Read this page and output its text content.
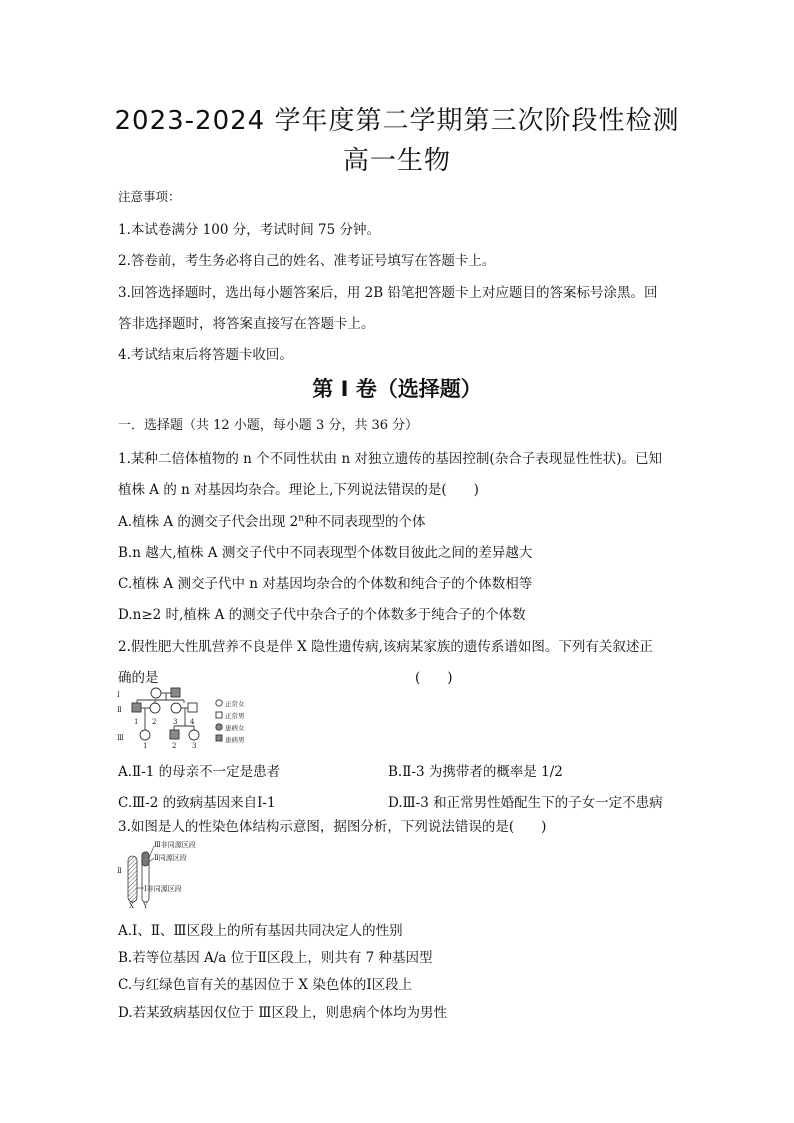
2023-2024 学年度第二学期第三次阶段性检测
高一生物
注意事项：
1.本试卷满分 100 分，考试时间 75 分钟。
2.答卷前，考生务必将自己的姓名、准考证号填写在答题卡上。
3.回答选择题时，选出每小题答案后，用 2B 铅笔把答题卡上对应题目的答案标号涂黑。回
答非选择题时，将答案直接写在答题卡上。
4.考试结束后将答题卡收回。
第 I 卷（选择题）
一．选择题（共 12 小题，每小题 3 分，共 36 分）
1.某种二倍体植物的 n 个不同性状由 n 对独立遗传的基因控制(杂合子表现显性性状)。已知
植株 A 的 n 对基因均杂合。理论上,下列说法错误的是(　　)
A.植株 A 的测交子代会出现 2$^n$种不同表现型的个体
B.n 越大,植株 A 测交子代中不同表现型个体数目彼此之间的差异越大
C.植株 A 测交子代中 n 对基因均杂合的个体数和纯合子的个体数相等
D.n≥2 时,植株 A 的测交子代中杂合子的个体数多于纯合子的个体数
2.假性肥大性肌营养不良是伴 X 隐性遗传病,该病某家族的遗传系谱如图。下列有关叙述正
确的是	(　　)
Ⅰ
Ⅱ
Ⅲ
1 2 3 4
1	2 3
正常女
正常男
患病女
患病男
A.Ⅱ-1 的母亲不一定是患者	B.Ⅱ-3 为携带者的概率是 1/2
C.Ⅲ-2 的致病基因来自Ⅰ-1	D.Ⅲ-3 和正常男性婚配生下的子女一定不患病
3.如图是人的性染色体结构示意图，据图分析，下列说法错误的是(　　)
Ⅱ
Ⅲ非同源区段
Ⅱ同源区段
Ⅰ非同源区段
X Y
A.Ⅰ、Ⅱ、Ⅲ区段上的所有基因共同决定人的性别
B.若等位基因 A/a 位于Ⅱ区段上，则共有 7 种基因型
C.与红绿色盲有关的基因位于 X 染色体的Ⅰ区段上
D.若某致病基因仅位于 Ⅲ区段上，则患病个体均为男性
